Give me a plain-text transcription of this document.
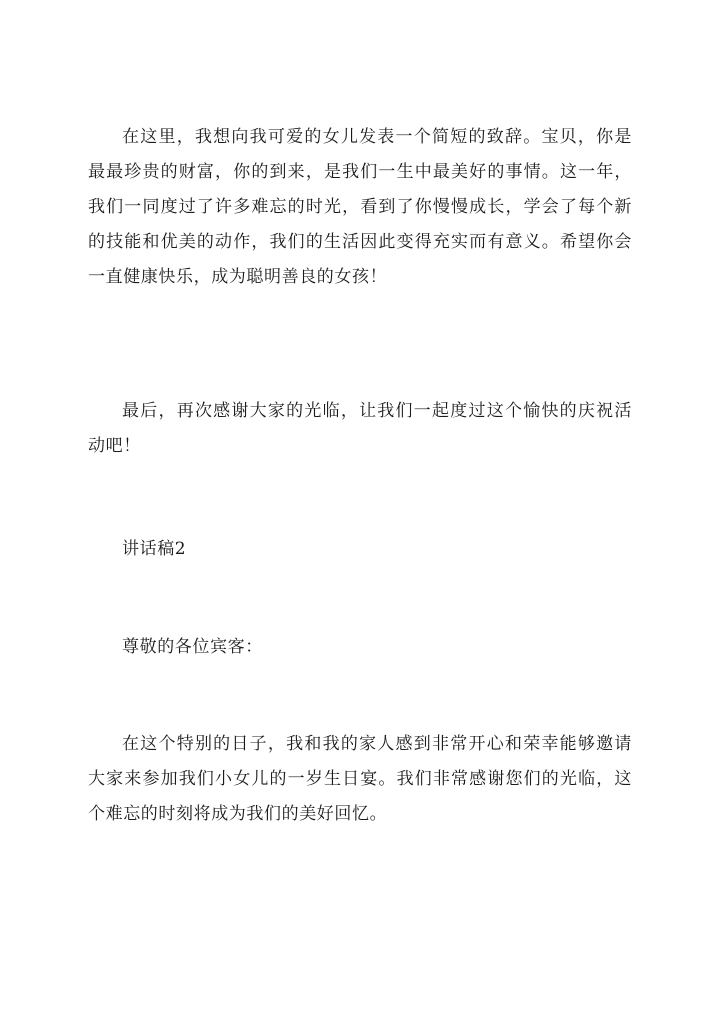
在这里，我想向我可爱的女儿发表一个简短的致辞。宝贝，你是最最珍贵的财富，你的到来，是我们一生中最美好的事情。这一年，我们一同度过了许多难忘的时光，看到了你慢慢成长，学会了每个新的技能和优美的动作，我们的生活因此变得充实而有意义。希望你会一直健康快乐，成为聪明善良的女孩！

最后，再次感谢大家的光临，让我们一起度过这个愉快的庆祝活动吧！

讲话稿2

尊敬的各位宾客：

在这个特别的日子，我和我的家人感到非常开心和荣幸能够邀请大家来参加我们小女儿的一岁生日宴。我们非常感谢您们的光临，这个难忘的时刻将成为我们的美好回忆。
